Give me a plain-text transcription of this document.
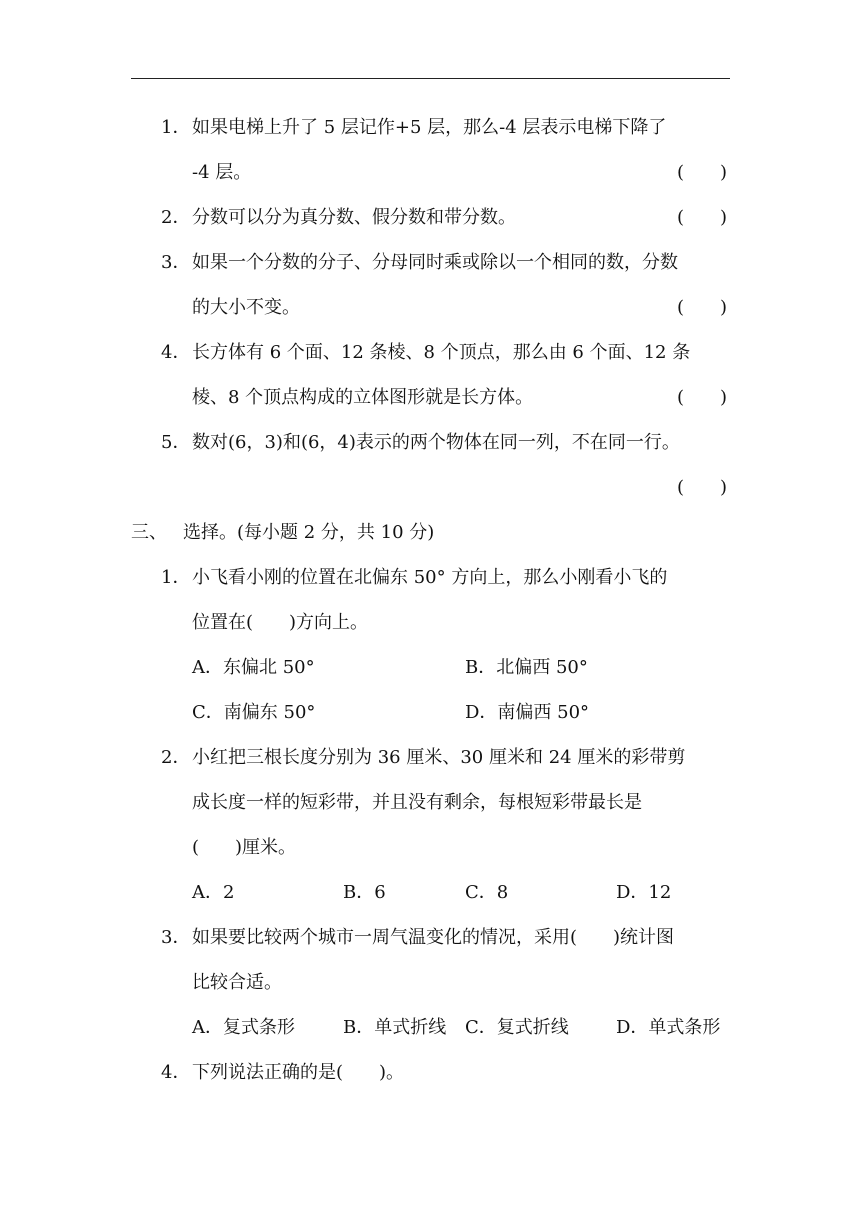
1． 如果电梯上升了 5 层记作+5 层，那么-4 层表示电梯下降了
-4 层。	(　　)
2． 分数可以分为真分数、假分数和带分数。	(　　)
3． 如果一个分数的分子、分母同时乘或除以一个相同的数，分数
的大小不变。	(　　)
4． 长方体有 6 个面、12 条棱、8 个顶点，那么由 6 个面、12 条
棱、8 个顶点构成的立体图形就是长方体。	(　　)
5． 数对(6，3)和(6，4)表示的两个物体在同一列，不在同一行。
(　　)
三、 选择。(每小题 2 分，共 10 分)
1． 小飞看小刚的位置在北偏东 50° 方向上，那么小刚看小飞的
位置在(　　)方向上。
A．东偏北 50°	B．北偏西 50°
C．南偏东 50°	D．南偏西 50°
2． 小红把三根长度分别为 36 厘米、30 厘米和 24 厘米的彩带剪
成长度一样的短彩带，并且没有剩余，每根短彩带最长是
(　　)厘米。
A．2	B．6	C．8	D．12
3． 如果要比较两个城市一周气温变化的情况，采用(　　)统计图
比较合适。
A．复式条形	B．单式折线 C．复式折线	D．单式条形
4． 下列说法正确的是(　　)。
